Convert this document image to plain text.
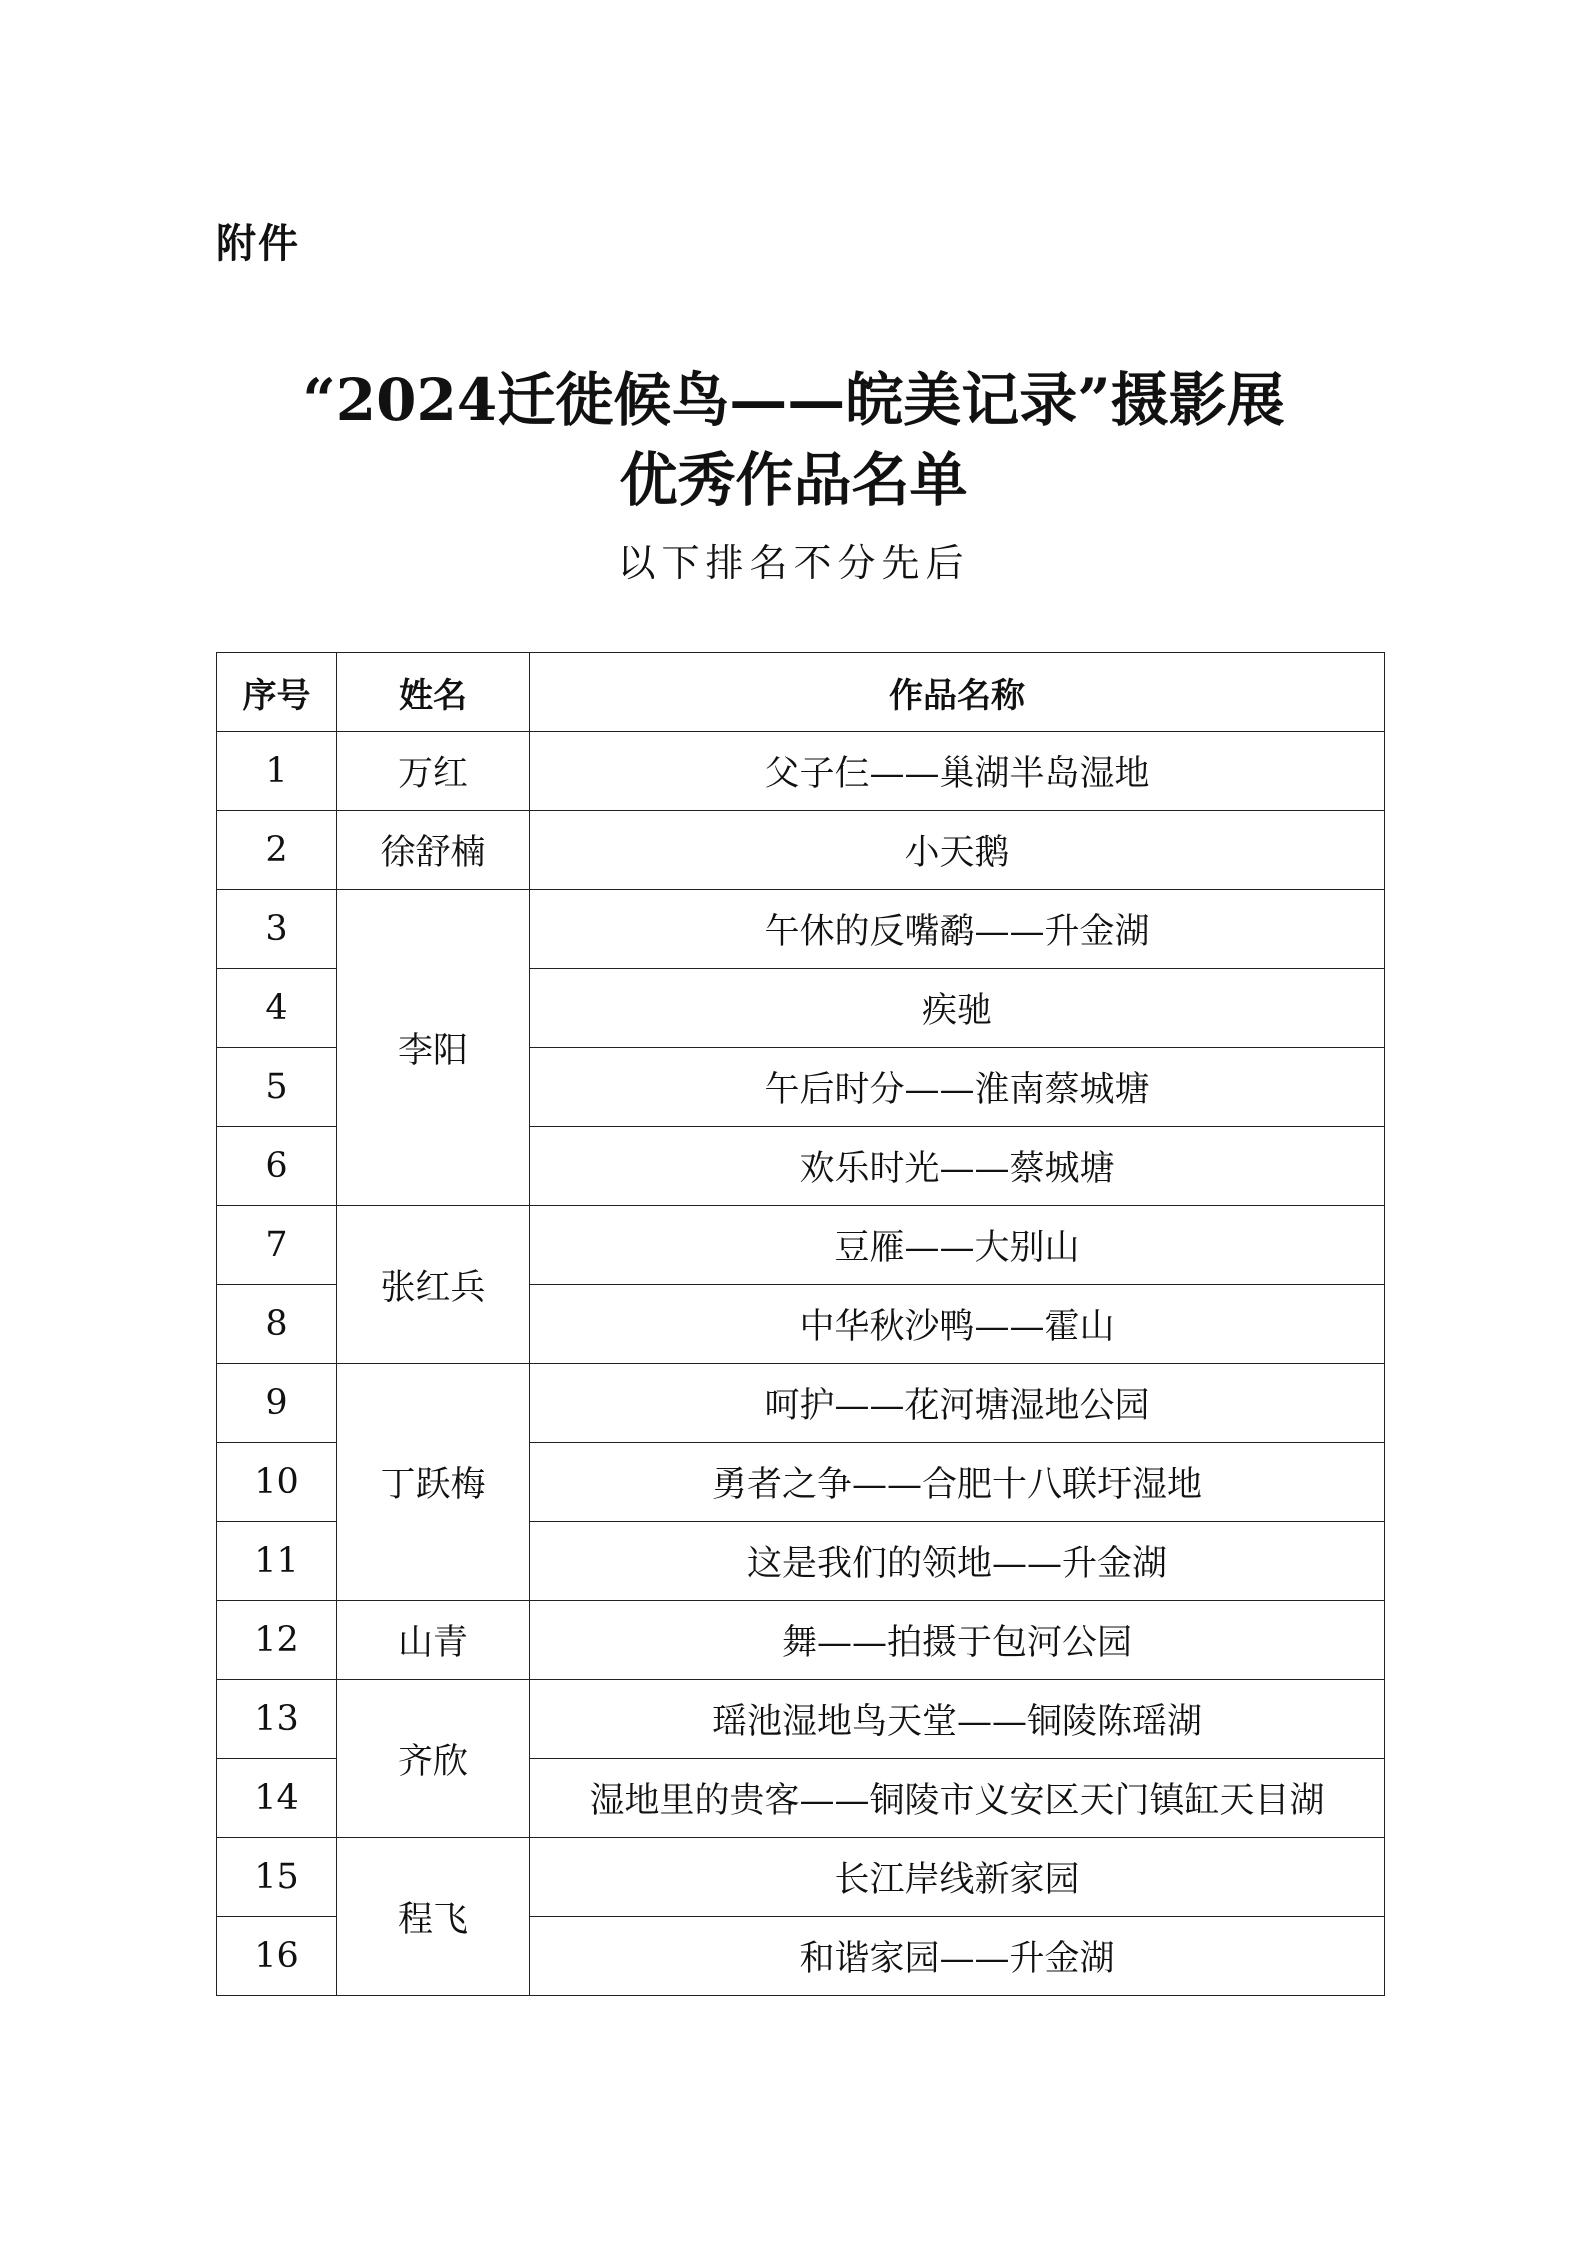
附件
“2024迁徙候鸟——皖美记录”摄影展
优秀作品名单
以下排名不分先后
序号	姓名	作品名称
1	万红	父子仨——巢湖半岛湿地
2	徐舒楠	小天鹅
3	李阳	午休的反嘴鹬——升金湖
4		疾驰
5		午后时分——淮南蔡城塘
6		欢乐时光——蔡城塘
7	张红兵	豆雁——大别山
8		中华秋沙鸭——霍山
9	丁跃梅	呵护——花河塘湿地公园
10		勇者之争——合肥十八联圩湿地
11		这是我们的领地——升金湖
12	山青	舞——拍摄于包河公园
13	齐欣	瑶池湿地鸟天堂——铜陵陈瑶湖
14		湿地里的贵客——铜陵市义安区天门镇缸天目湖
15	程飞	长江岸线新家园
16		和谐家园——升金湖
